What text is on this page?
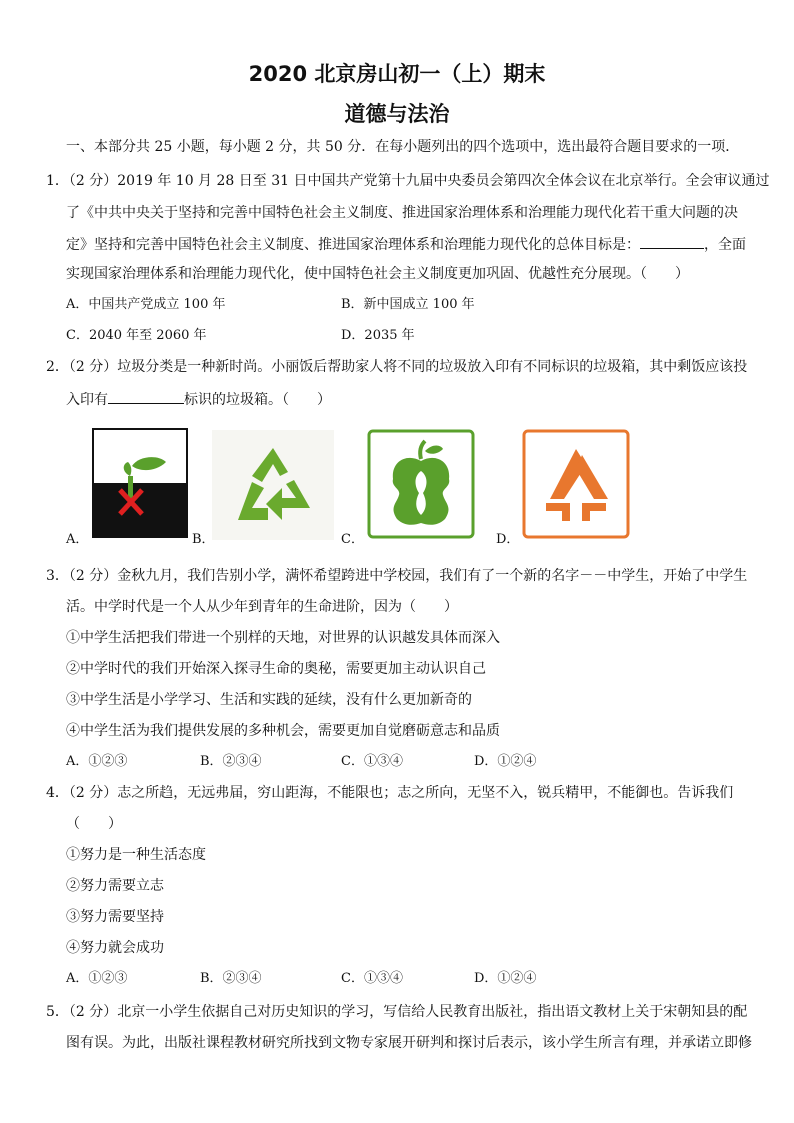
2020 北京房山初一（上）期末
道德与法治
一、本部分共 25 小题，每小题 2 分，共 50 分．在每小题列出的四个选项中，选出最符合题目要求的一项．
1．（2 分）2019 年 10 月 28 日至 31 日中国共产党第十九届中央委员会第四次全体会议在北京举行。全会审议通过
了《中共中央关于坚持和完善中国特色社会主义制度、推进国家治理体系和治理能力现代化若干重大问题的决
定》坚持和完善中国特色社会主义制度、推进国家治理体系和治理能力现代化的总体目标是：	，全面
实现国家治理体系和治理能力现代化，使中国特色社会主义制度更加巩固、优越性充分展现。（　　）
A．中国共产党成立 100 年	B．新中国成立 100 年
C．2040 年至 2060 年	D．2035 年
2．（2 分）垃圾分类是一种新时尚。小丽饭后帮助家人将不同的垃圾放入印有不同标识的垃圾箱，其中剩饭应该投
入印有	标识的垃圾箱。（　　）
A．	B．	C．	D．
3．（2 分）金秋九月，我们告别小学，满怀希望跨进中学校园，我们有了一个新的名字－－中学生，开始了中学生
活。中学时代是一个人从少年到青年的生命进阶，因为（　　）
①中学生活把我们带进一个别样的天地，对世界的认识越发具体而深入
②中学时代的我们开始深入探寻生命的奥秘，需要更加主动认识自己
③中学生活是小学学习、生活和实践的延续，没有什么更加新奇的
④中学生活为我们提供发展的多种机会，需要更加自觉磨砺意志和品质
A．①②③	B．②③④	C．①③④	D．①②④
4．（2 分）志之所趋，无远弗届，穷山距海，不能限也；志之所向，无坚不入，锐兵精甲，不能御也。告诉我们
（　　）
①努力是一种生活态度
②努力需要立志
③努力需要坚持
④努力就会成功
A．①②③	B．②③④	C．①③④	D．①②④
5．（2 分）北京一小学生依据自己对历史知识的学习，写信给人民教育出版社，指出语文教材上关于宋朝知县的配
图有误。为此，出版社课程教材研究所找到文物专家展开研判和探讨后表示，该小学生所言有理，并承诺立即修
